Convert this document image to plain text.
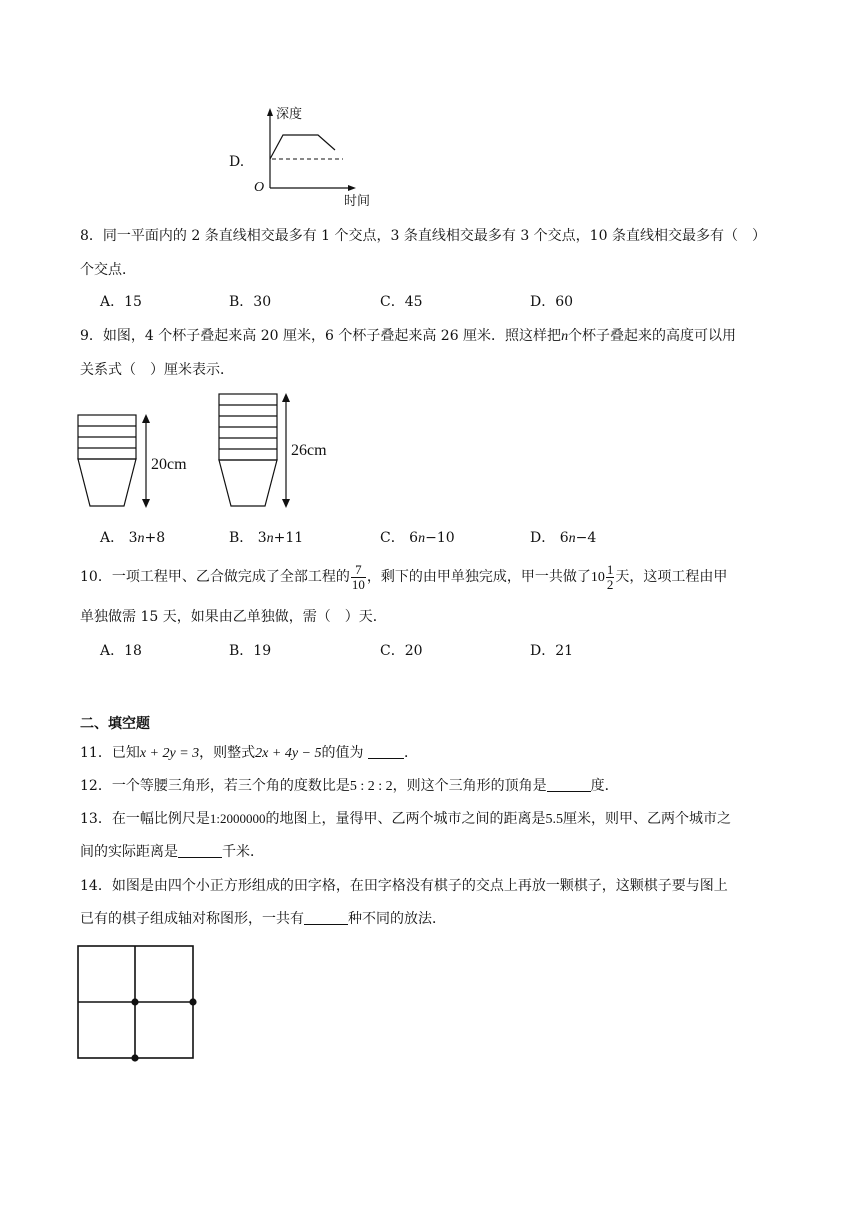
D.
深度
时间
O
8．同一平面内的 2 条直线相交最多有 1 个交点，3 条直线相交最多有 3 个交点，10 条直线相交最多有（　）
个交点．
A．15	B．30	C．45	D．60
9．如图，4 个杯子叠起来高 20 厘米，6 个杯子叠起来高 26 厘米．照这样把n个杯子叠起来的高度可以用
关系式（　）厘米表示．
20cm
26cm
A． 3n+8	B． 3n+11	C． 6n−10	D． 6n−4
10．一项工程甲、乙合做完成了全部工程的 $\frac{7}{10}$ ，剩下的由甲单独完成，甲一共做了$10 \frac{1}{2}$ 天，这项工程由甲
单独做需 15 天，如果由乙单独做，需（　）天．
A．18	B．19	C．20	D．21
二、填空题
11．已知x + 2y = 3，则整式2x + 4y − 5的值为	．
12．一个等腰三角形，若三个角的度数比是5 : 2 : 2，则这个三角形的顶角是	度．
13．在一幅比例尺是1:2000000的地图上，量得甲、乙两个城市之间的距离是5.5厘米，则甲、乙两个城市之
间的实际距离是	千米．
14．如图是由四个小正方形组成的田字格，在田字格没有棋子的交点上再放一颗棋子，这颗棋子要与图上
已有的棋子组成轴对称图形，一共有	种不同的放法．
